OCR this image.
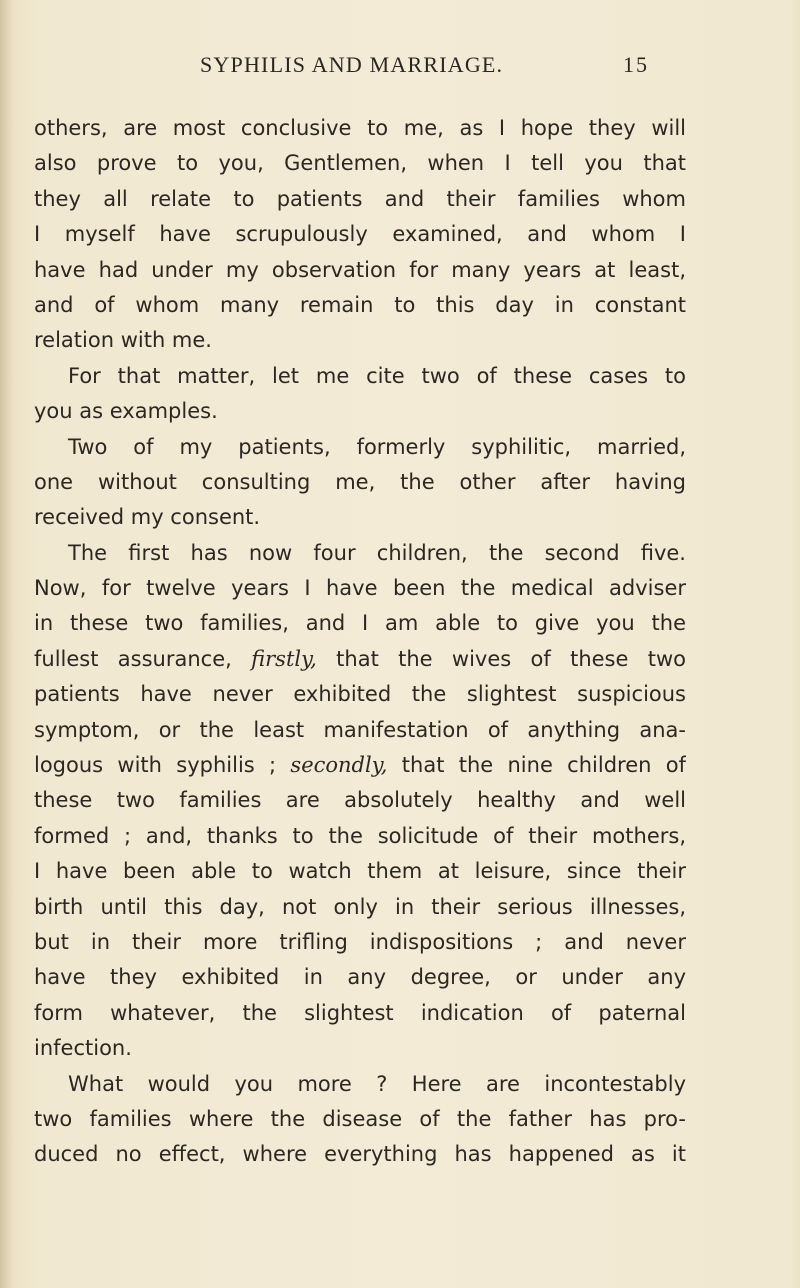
SYPHILIS AND MARRIAGE.	15
others, are most conclusive to me, as I hope they will
also prove to you, Gentlemen, when I tell you that
they all relate to patients and their families whom
I myself have scrupulously examined, and whom I
have had under my observation for many years at least,
and of whom many remain to this day in constant
relation with me.
For that matter, let me cite two of these cases to
you as examples.
Two of my patients, formerly syphilitic, married,
one without consulting me, the other after having
received my consent.
The first has now four children, the second five.
Now, for twelve years I have been the medical adviser
in these two families, and I am able to give you the
fullest assurance, firstly, that the wives of these two
patients have never exhibited the slightest suspicious
symptom, or the least manifestation of anything ana-
logous with syphilis ; secondly, that the nine children of
these two families are absolutely healthy and well
formed ; and, thanks to the solicitude of their mothers,
I have been able to watch them at leisure, since their
birth until this day, not only in their serious illnesses,
but in their more trifling indispositions ; and never
have they exhibited in any degree, or under any
form whatever, the slightest indication of paternal
infection.
What would you more ? Here are incontestably
two families where the disease of the father has pro-
duced no effect, where everything has happened as it
